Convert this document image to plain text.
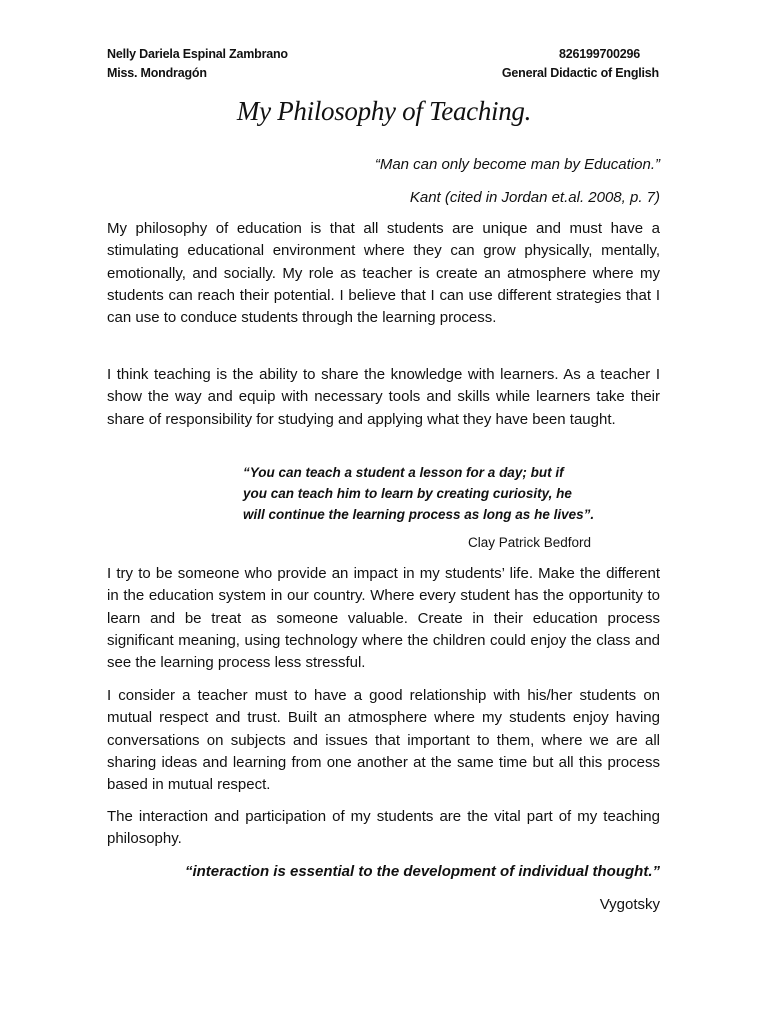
Nelly Dariela Espinal Zambrano	826199700296
Miss. Mondragón	General Didactic of English
My Philosophy of Teaching.
“Man can only become man by Education.”
Kant (cited in Jordan et.al. 2008, p. 7)
My philosophy of education is that all students are unique and must have a stimulating educational environment where they can grow physically, mentally, emotionally, and socially. My role as teacher is create an atmosphere where my students can reach their potential. I believe that I can use different strategies that I can use to conduce students through the learning process.
I think teaching is the ability to share the knowledge with learners. As a teacher I show the way and equip with necessary tools and skills while learners take their share of responsibility for studying and applying what they have been taught.
“You can teach a student a lesson for a day; but if
you can teach him to learn by creating curiosity, he
will continue the learning process as long as he lives”.
Clay Patrick Bedford
I try to be someone who provide an impact in my students’ life. Make the different in the education system in our country. Where every student has the opportunity to learn and be treat as someone valuable. Create in their education process significant meaning, using technology where the children could enjoy the class and see the learning process less stressful.
I consider a teacher must to have a good relationship with his/her students on mutual respect and trust. Built an atmosphere where my students enjoy having conversations on subjects and issues that important to them, where we are all sharing ideas and learning from one another at the same time but all this process based in mutual respect.
The interaction and participation of my students are the vital part of my teaching philosophy.
“interaction is essential to the development of individual thought.”
Vygotsky
